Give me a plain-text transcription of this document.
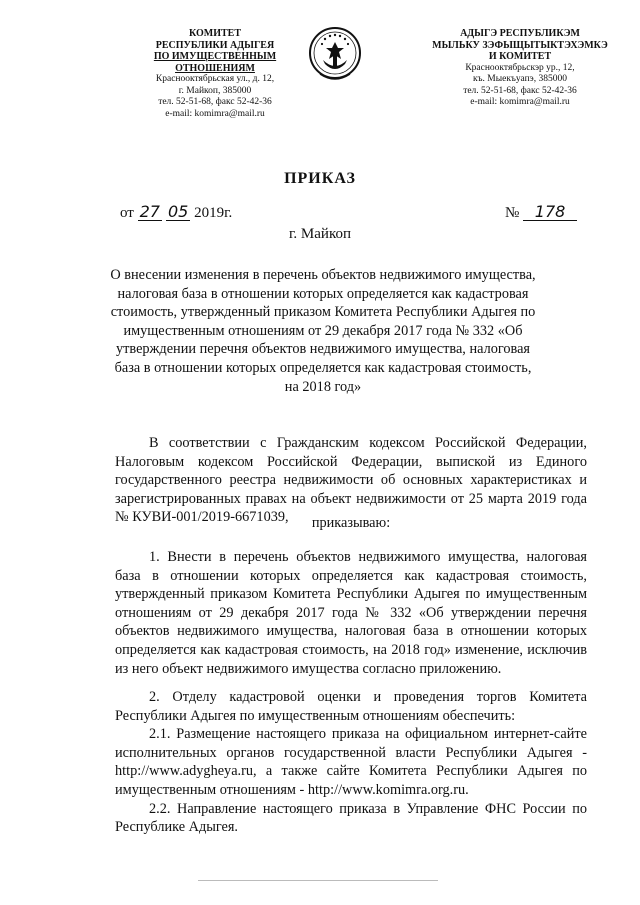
КОМИТЕТ
РЕСПУБЛИКИ АДЫГЕЯ
ПО ИМУЩЕСТВЕННЫМ ОТНОШЕНИЯМ
Красноoктябрьская ул., д. 12,
г. Майкоп, 385000
тел. 52-51-68, факс 52-42-36
e-mail: komimra@mail.ru
АДЫГЭ РЕСПУБЛИКЭМ
МЫЛЬКУ ЗЭФЫЩЫТЫКТЭХЭМКЭ
И КОМИТЕТ
Красноoктябрьскэр ур., 12,
къ. Мыекъуапэ, 385000
тел. 52-51-68, факс 52-42-36
e-mail: komimra@mail.ru
ПРИКАЗ
от 27 05 2019г.	№ 178
г. Майкоп
О внесении изменения в перечень объектов недвижимого имущества, налоговая база в отношении которых определяется как кадастровая стоимость, утвержденный приказом Комитета Республики Адыгея по имущественным отношениям от 29 декабря 2017 года № 332 «Об утверждении перечня объектов недвижимого имущества, налоговая база в отношении которых определяется как кадастровая стоимость, на 2018 год»

В соответствии с Гражданским кодексом Российской Федерации, Налоговым кодексом Российской Федерации, выпиской из Единого государственного реестра недвижимости об основных характеристиках и зарегистрированных правах на объект недвижимости от 25 марта 2019 года № КУВИ-001/2019-6671039,	приказываю:

1. Внести в перечень объектов недвижимого имущества, налоговая база в отношении которых определяется как кадастровая стоимость, утвержденный приказом Комитета Республики Адыгея по имущественным отношениям от 29 декабря 2017 года № 332 «Об утверждении перечня объектов недвижимого имущества, налоговая база в отношении которых определяется как кадастровая стоимость, на 2018 год» изменение, исключив из него объект недвижимого имущества согласно приложению.

2. Отделу кадастровой оценки и проведения торгов Комитета Республики Адыгея по имущественным отношениям обеспечить:

2.1. Размещение настоящего приказа на официальном интернет-сайте исполнительных органов государственной власти Республики Адыгея - http://www.adygheya.ru, а также сайте Комитета Республики Адыгея по имущественным отношениям - http://www.komimra.org.ru.

2.2. Направление настоящего приказа в Управление ФНС России по Республике Адыгея.
